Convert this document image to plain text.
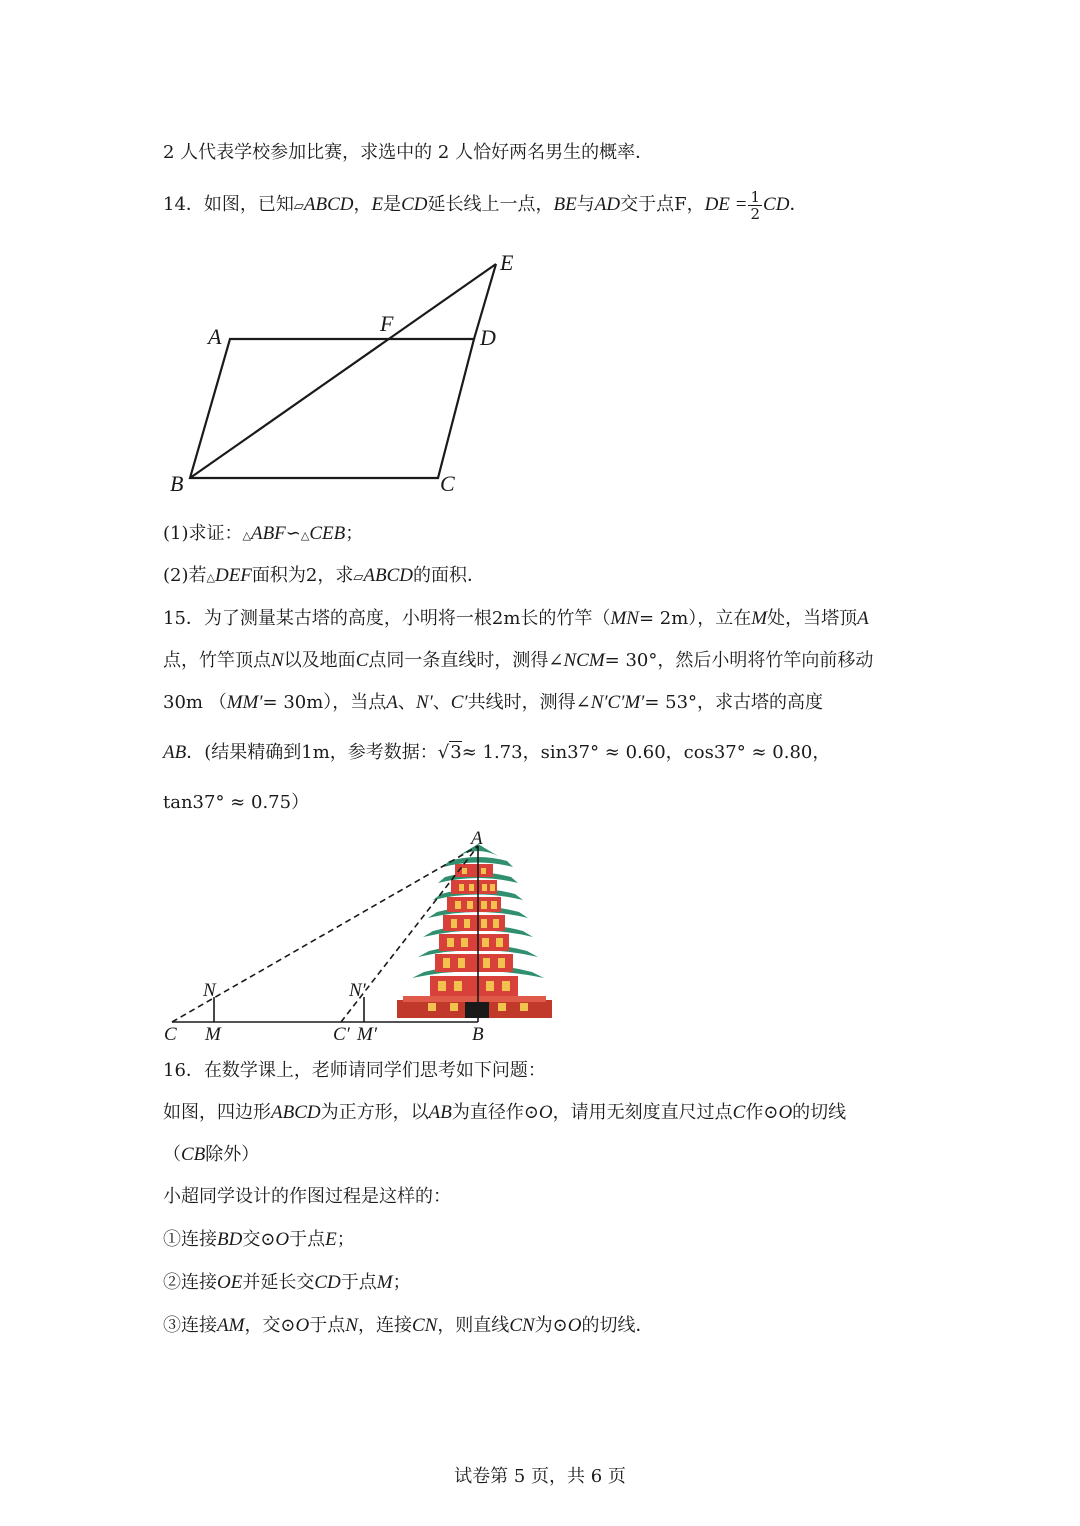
2 人代表学校参加比赛，求选中的 2 人恰好两名男生的概率．
14．如图，已知▱ABCD，E是CD延长线上一点，BE与AD交于点F，DE = $\frac{1}{2}$ CD．
A
B	C
D
E
F
(1)求证：△ABF∽△CEB；
(2)若△DEF面积为2，求▱ABCD的面积．
15．为了测量某古塔的高度，小明将一根2m长的竹竿（MN= 2m），立在M处，当塔顶A
点，竹竿顶点N以及地面C点同一条直线时，测得∠NCM= 30°，然后小明将竹竿向前移动
30m （MM′= 30m），当点A、N′、C′共线时，测得∠N′C′M′= 53°，求古塔的高度
AB．(结果精确到1m，参考数据：√3≈ 1.73，sin37° ≈ 0.60，cos37° ≈ 0.80，
tan37° ≈ 0.75）
A
B
C M
N
C′ M′
N′
16．在数学课上，老师请同学们思考如下问题：
如图，四边形ABCD为正方形，以AB为直径作⊙O，请用无刻度直尺过点C作⊙O的切线
（CB除外）
小超同学设计的作图过程是这样的：
①连接BD交⊙O于点E；
②连接OE并延长交CD于点M；
③连接AM，交⊙O于点N，连接CN，则直线CN为⊙O的切线．
试卷第 5 页，共 6 页
